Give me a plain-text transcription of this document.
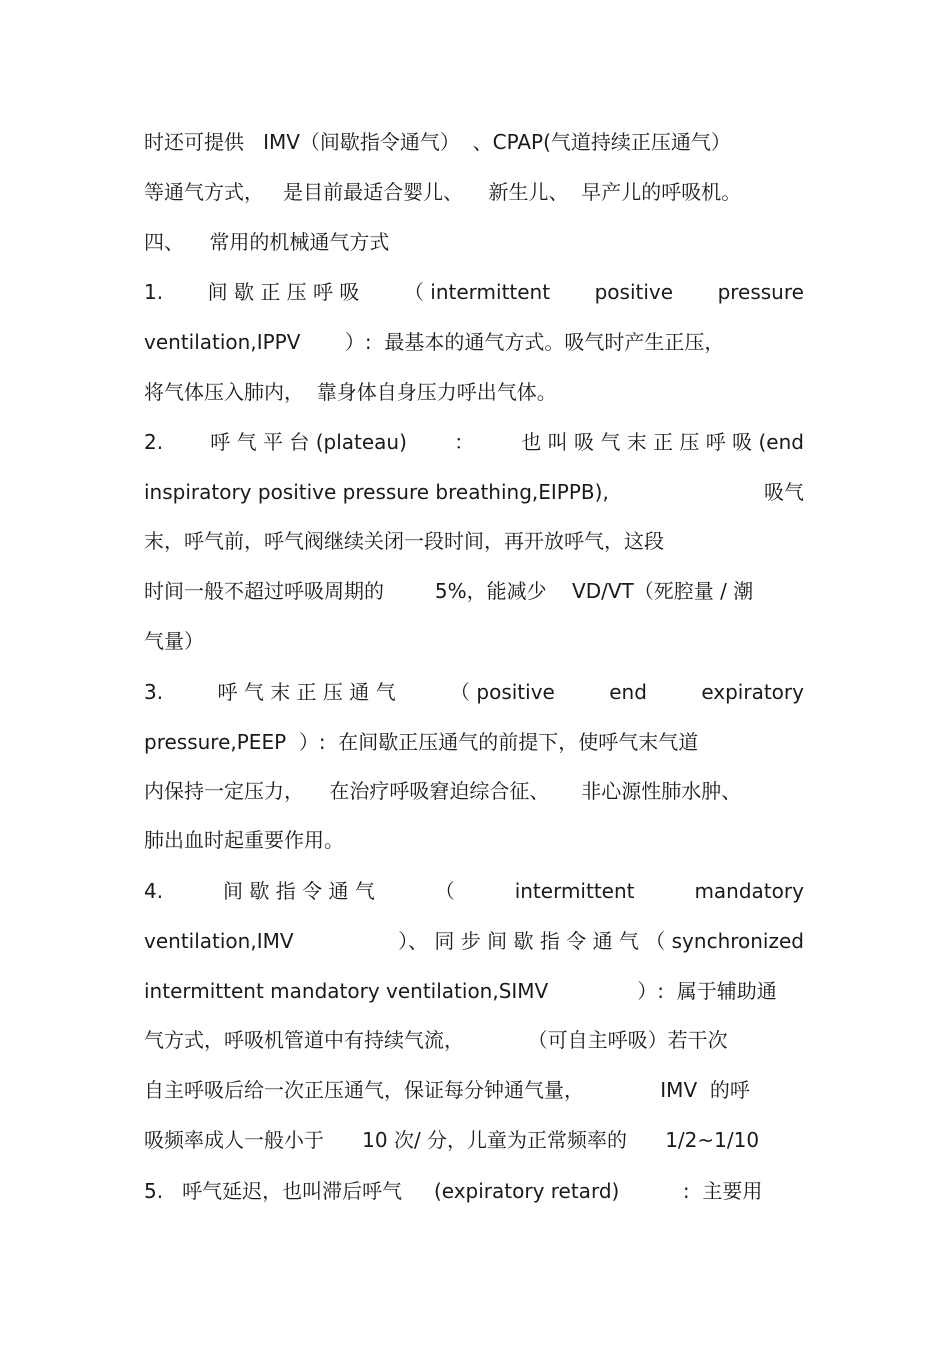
时还可提供   IMV（间歇指令通气）  、CPAP(气道持续正压通气）
等通气方式，   是目前最适合婴儿、    新生儿、  早产儿的呼吸机。
四、    常用的机械通气方式
1. 间 歇 正 压 呼 吸 （ intermittent positive pressure
ventilation,IPPV       ）:  最基本的通气方式。吸气时产生正压，
将气体压入肺内，  靠身体自身压力呼出气体。
2. 呼 气 平 台 (plateau) ： 也 叫 吸 气 末 正 压 呼 吸 (end
inspiratory positive pressure breathing,EIPPB),	吸气
末，呼气前，呼气阀继续关闭一段时间，再开放呼气，这段
时间一般不超过呼吸周期的        5%，能减少    VD/VT（死腔量 / 潮
气量）
3.	呼 气 末 正 压 通 气	（ positive	end	expiratory
pressure,PEEP  ）:  在间歇正压通气的前提下，使呼气末气道
内保持一定压力，    在治疗呼吸窘迫综合征、     非心源性肺水肿、
肺出血时起重要作用。
4.	间 歇 指 令 通 气	（	intermittent	mandatory
ventilation,IMV	）、 同 步 间 歇 指 令 通 气 （ synchronized
intermittent mandatory ventilation,SIMV              ）:  属于辅助通
气方式，呼吸机管道中有持续气流，          （可自主呼吸）若干次
自主呼吸后给一次正压通气，保证每分钟通气量，            IMV  的呼
吸频率成人一般小于      10 次/ 分，儿童为正常频率的      1/2~1/10
5.   呼气延迟，也叫滞后呼气     (expiratory retard)          :  主要用
